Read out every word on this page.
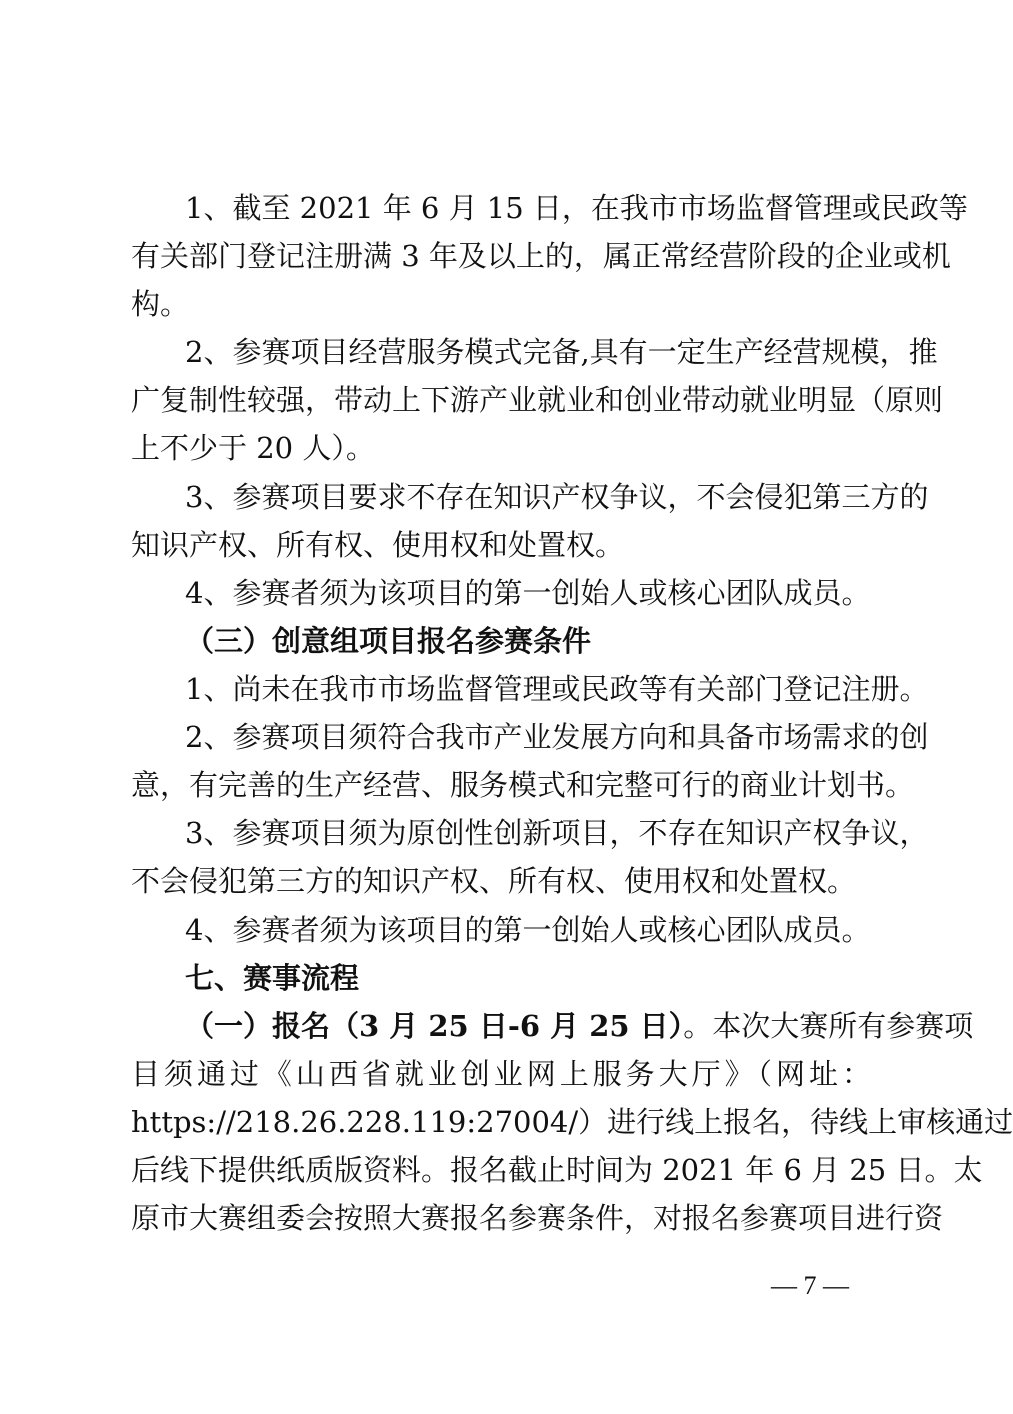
1、截至 2021 年 6 月 15 日，在我市市场监督管理或民政等
有关部门登记注册满 3 年及以上的，属正常经营阶段的企业或机
构。
2、参赛项目经营服务模式完备,具有一定生产经营规模，推
广复制性较强，带动上下游产业就业和创业带动就业明显（原则
上不少于 20 人）。
3、参赛项目要求不存在知识产权争议，不会侵犯第三方的
知识产权、所有权、使用权和处置权。
4、参赛者须为该项目的第一创始人或核心团队成员。
（三）创意组项目报名参赛条件
1、尚未在我市市场监督管理或民政等有关部门登记注册。
2、参赛项目须符合我市产业发展方向和具备市场需求的创
意，有完善的生产经营、服务模式和完整可行的商业计划书。
3、参赛项目须为原创性创新项目，不存在知识产权争议，
不会侵犯第三方的知识产权、所有权、使用权和处置权。
4、参赛者须为该项目的第一创始人或核心团队成员。
七、赛事流程
（一）报名（3 月 25 日-6 月 25 日）。本次大赛所有参赛项
目须通过《山西省就业创业网上服务大厅》（网址：
https://218.26.228.119:27004/）进行线上报名，待线上审核通过
后线下提供纸质版资料。报名截止时间为 2021 年 6 月 25 日。太
原市大赛组委会按照大赛报名参赛条件，对报名参赛项目进行资
— 7 —
